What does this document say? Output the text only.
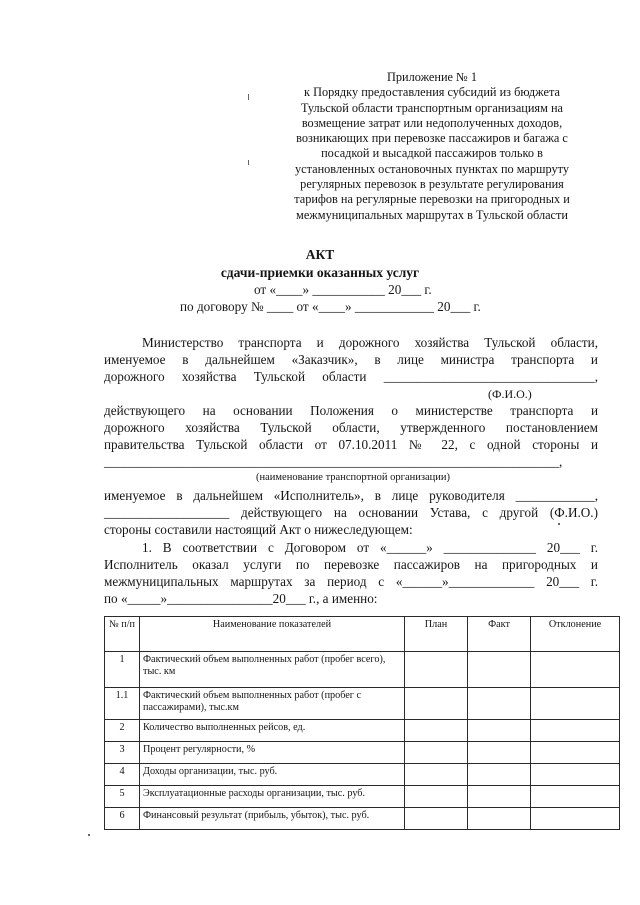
Приложение № 1
к Порядку предоставления субсидий из бюджета
Тульской области транспортным организациям на
возмещение затрат или недополученных доходов,
возникающих при перевозке пассажиров и багажа с
посадкой и высадкой пассажиров только в
установленных остановочных пунктах по маршруту
регулярных перевозок в результате регулирования
тарифов на регулярные перевозки на пригородных и
межмуниципальных маршрутах в Тульской области
АКТ
сдачи-приемки оказанных услуг
от «____» ___________ 20___ г.
по договору № ____ от «____» ____________ 20___ г.
Министерство транспорта и дорожного хозяйства Тульской области,
именуемое в дальнейшем «Заказчик», в лице министра транспорта и
дорожного хозяйства Тульской области ________________________________,
(Ф.И.О.)
действующего на основании Положения о министерстве транспорта и
дорожного хозяйства Тульской области, утвержденного постановлением
правительства Тульской области от 07.10.2011 № 22, с одной стороны и
_____________________________________________________________________,
(наименование транспортной организации)
именуемое в дальнейшем «Исполнитель», в лице руководителя ____________,
___________________ действующего на основании Устава, с другой (Ф.И.О.)
стороны составили настоящий Акт о нижеследующем:
1. В соответствии с Договором от «______» ______________ 20___ г.
Исполнитель оказал услуги по перевозке пассажиров на пригородных и
межмуниципальных маршрутах за период с «______»_____________ 20___ г.
по «_____»________________20___ г., а именно:
№ п/п	Наименование показателей	План	Факт	Отклонение
1	Фактический объем выполненных работ (пробег всего), тыс. км			
1.1	Фактический объем выполненных работ (пробег с пассажирами), тыс.км			
2	Количество выполненных рейсов, ед.			
3	Процент регулярности, %			
4	Доходы организации, тыс. руб.			
5	Эксплуатационные расходы организации, тыс. руб.			
6	Финансовый результат (прибыль, убыток), тыс. руб.			
